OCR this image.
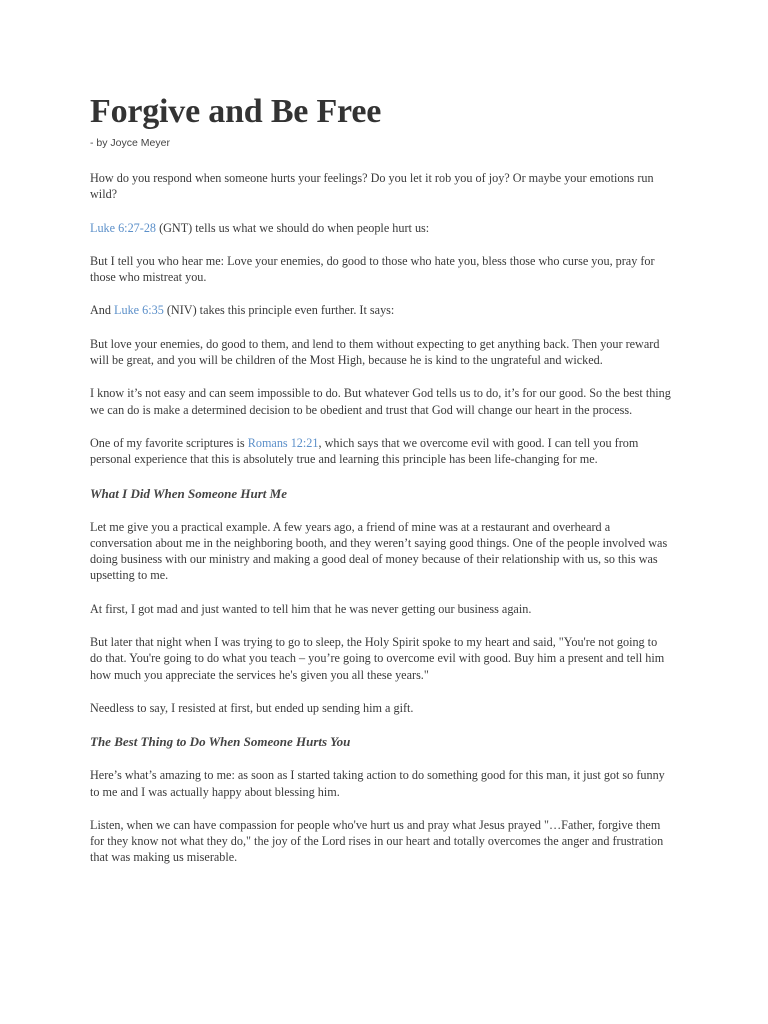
Forgive and Be Free
- by Joyce Meyer

How do you respond when someone hurts your feelings? Do you let it rob you of joy? Or maybe your emotions run wild?

Luke 6:27-28 (GNT) tells us what we should do when people hurt us:

But I tell you who hear me: Love your enemies, do good to those who hate you, bless those who curse you, pray for those who mistreat you.

And Luke 6:35 (NIV) takes this principle even further. It says:

But love your enemies, do good to them, and lend to them without expecting to get anything back. Then your reward will be great, and you will be children of the Most High, because he is kind to the ungrateful and wicked.

I know it’s not easy and can seem impossible to do. But whatever God tells us to do, it’s for our good. So the best thing we can do is make a determined decision to be obedient and trust that God will change our heart in the process.

One of my favorite scriptures is Romans 12:21, which says that we overcome evil with good. I can tell you from personal experience that this is absolutely true and learning this principle has been life-changing for me.

What I Did When Someone Hurt Me

Let me give you a practical example. A few years ago, a friend of mine was at a restaurant and overheard a conversation about me in the neighboring booth, and they weren’t saying good things. One of the people involved was doing business with our ministry and making a good deal of money because of their relationship with us, so this was upsetting to me.

At first, I got mad and just wanted to tell him that he was never getting our business again.

But later that night when I was trying to go to sleep, the Holy Spirit spoke to my heart and said, "You're not going to do that. You're going to do what you teach – you’re going to overcome evil with good. Buy him a present and tell him how much you appreciate the services he's given you all these years."

Needless to say, I resisted at first, but ended up sending him a gift.

The Best Thing to Do When Someone Hurts You

Here’s what’s amazing to me: as soon as I started taking action to do something good for this man, it just got so funny to me and I was actually happy about blessing him.

Listen, when we can have compassion for people who've hurt us and pray what Jesus prayed "…Father, forgive them for they know not what they do," the joy of the Lord rises in our heart and totally overcomes the anger and frustration that was making us miserable.
